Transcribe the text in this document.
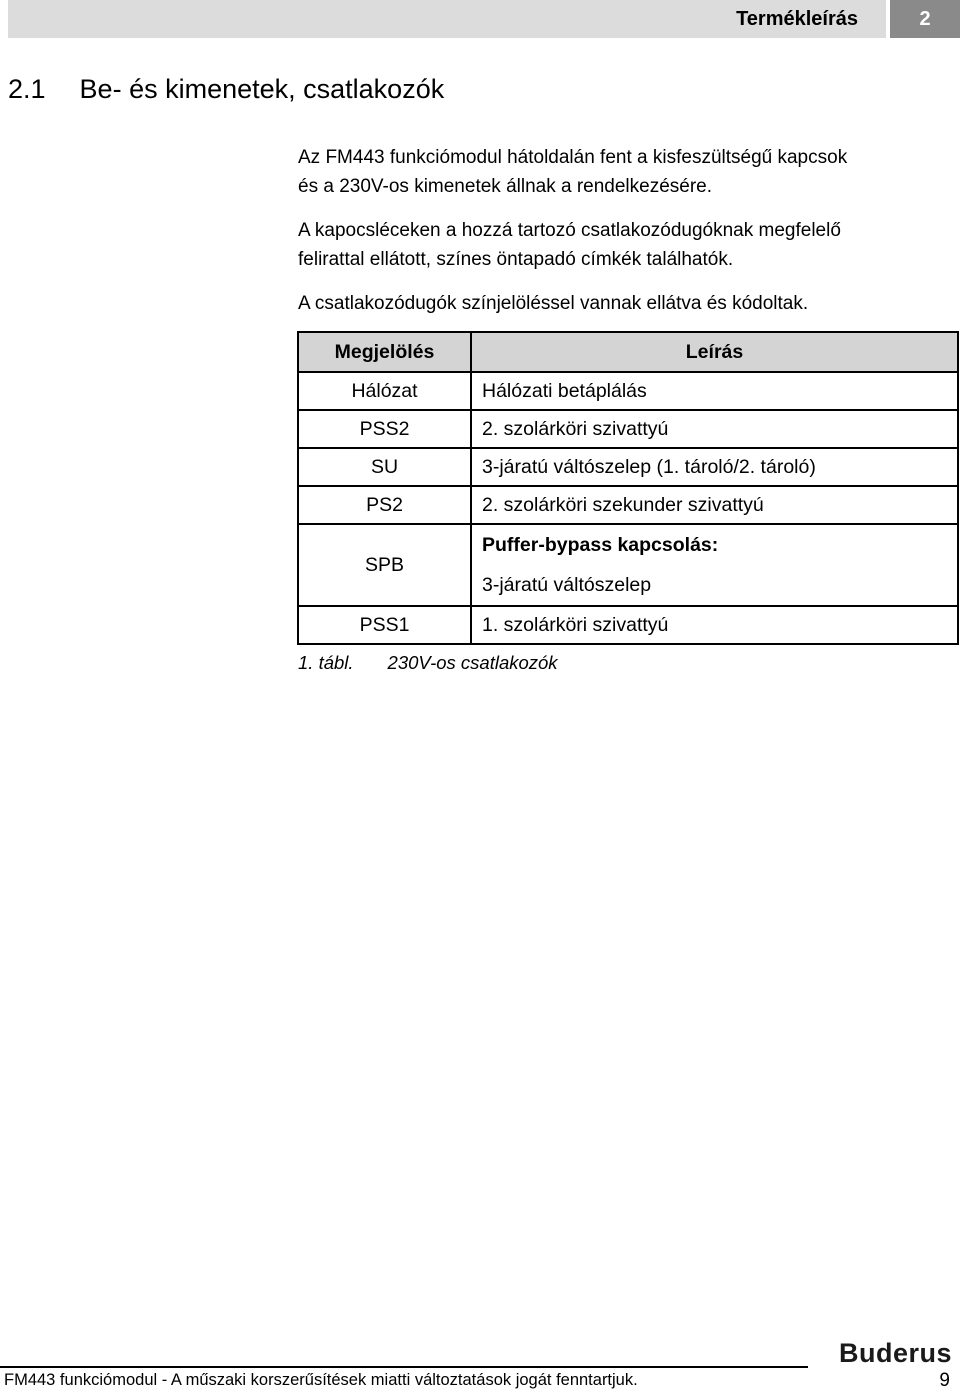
Termékleírás	2
2.1 Be- és kimenetek, csatlakozók
Az FM443 funkciómodul hátoldalán fent a kisfeszültségű kapcsok
és a 230V-os kimenetek állnak a rendelkezésére.
A kapocsléceken a hozzá tartozó csatlakozódugóknak megfelelő
felirattal ellátott, színes öntapadó címkék találhatók.
A csatlakozódugók színjelöléssel vannak ellátva és kódoltak.
Megjelölés	Leírás
Hálózat	Hálózati betáplálás
PSS2	2. szolárköri szivattyú
SU	3-járatú váltószelep (1. tároló/2. tároló)
PS2	2. szolárköri szekunder szivattyú
SPB	Puffer-bypass kapcsolás:
3-járatú váltószelep

PSS1	1. szolárköri szivattyú
1. tábl. 230V-os csatlakozók
Buderus
FM443 funkciómodul - A műszaki korszerűsítések miatti változtatások jogát fenntartjuk.	9
